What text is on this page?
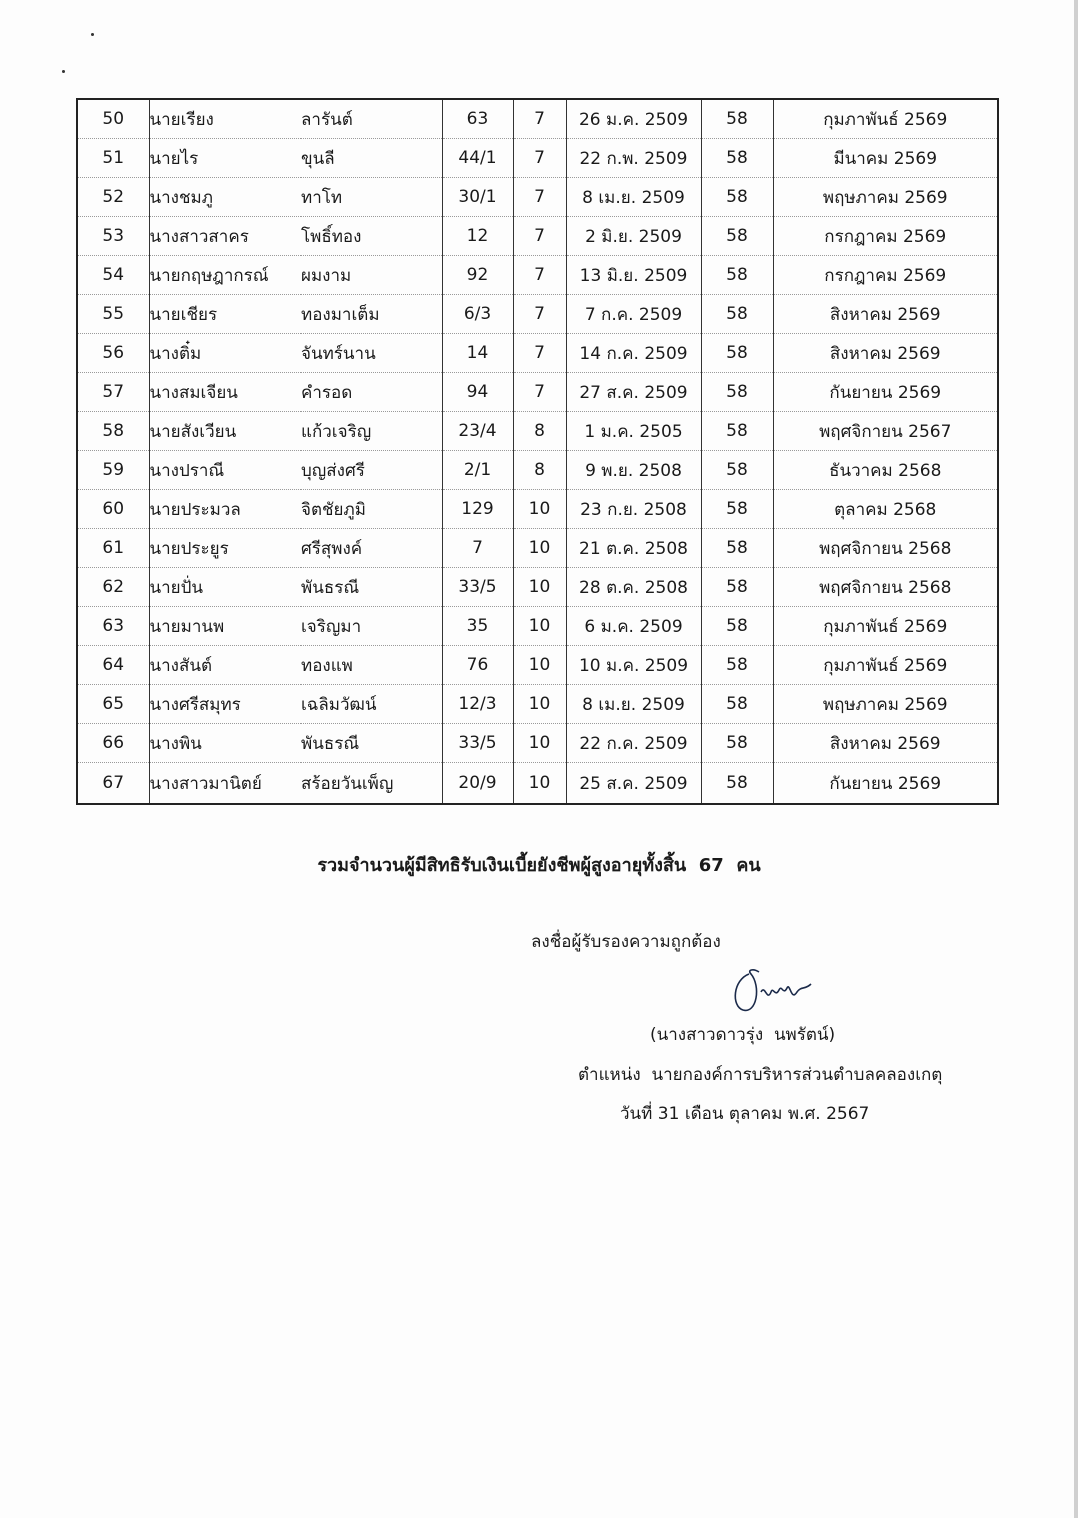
50	นายเรียง	ลารันต์	63	7	26 ม.ค. 2509	58	กุมภาพันธ์ 2569
51	นายไร	ขุนลี	44/1	7	22 ก.พ. 2509	58	มีนาคม 2569
52	นางชมภู	ทาโท	30/1	7	8 เม.ย. 2509	58	พฤษภาคม 2569
53	นางสาวสาคร	โพธิ์ทอง	12	7	2 มิ.ย. 2509	58	กรกฎาคม 2569
54	นายกฤษฎากรณ์	ผมงาม	92	7	13 มิ.ย. 2509	58	กรกฎาคม 2569
55	นายเชียร	ทองมาเต็ม	6/3	7	7 ก.ค. 2509	58	สิงหาคม 2569
56	นางติ๋ม	จันทร์นาน	14	7	14 ก.ค. 2509	58	สิงหาคม 2569
57	นางสมเจียน	คำรอด	94	7	27 ส.ค. 2509	58	กันยายน 2569
58	นายสังเวียน	แก้วเจริญ	23/4	8	1 ม.ค. 2505	58	พฤศจิกายน 2567
59	นางปราณี	บุญส่งศรี	2/1	8	9 พ.ย. 2508	58	ธันวาคม 2568
60	นายประมวล	จิตชัยภูมิ	129	10	23 ก.ย. 2508	58	ตุลาคม 2568
61	นายประยูร	ศรีสุพงค์	7	10	21 ต.ค. 2508	58	พฤศจิกายน 2568
62	นายปั่น	พันธรณี	33/5	10	28 ต.ค. 2508	58	พฤศจิกายน 2568
63	นายมานพ	เจริญมา	35	10	6 ม.ค. 2509	58	กุมภาพันธ์ 2569
64	นางสันต์	ทองแพ	76	10	10 ม.ค. 2509	58	กุมภาพันธ์ 2569
65	นางศรีสมุทร	เฉลิมวัฒน์	12/3	10	8 เม.ย. 2509	58	พฤษภาคม 2569
66	นางพิน	พันธรณี	33/5	10	22 ก.ค. 2509	58	สิงหาคม 2569
67	นางสาวมานิตย์	สร้อยวันเพ็ญ	20/9	10	25 ส.ค. 2509	58	กันยายน 2569
รวมจำนวนผู้มีสิทธิรับเงินเบี้ยยังชีพผู้สูงอายุทั้งสิ้น  67  คน
ลงชื่อผู้รับรองความถูกต้อง
(นางสาวดาวรุ่ง  นพรัตน์)
ตำแหน่ง  นายกองค์การบริหารส่วนตำบลคลองเกตุ
วันที่ 31 เดือน ตุลาคม พ.ศ. 2567
